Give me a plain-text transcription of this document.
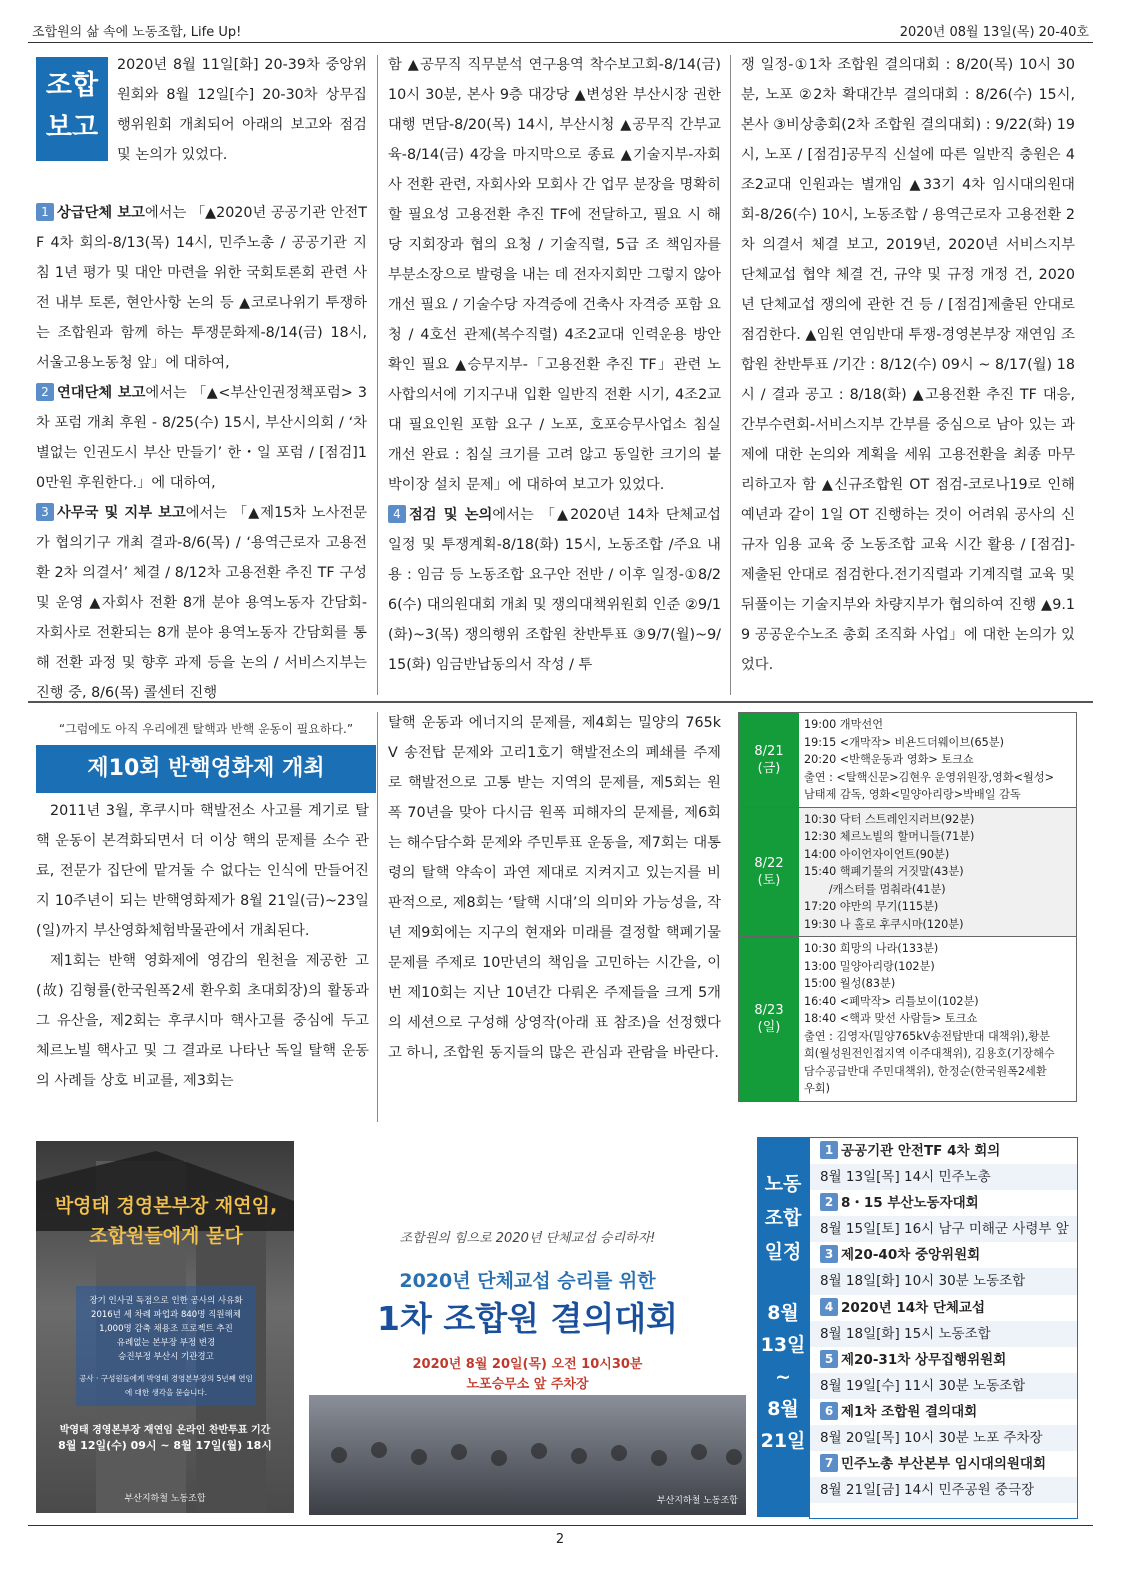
조합원의 삶 속에 노동조합, Life Up!	2020년 08월 13일(목) 20-40호
조합
보고

2020년 8월 11일[화] 20-39차 중앙위원회와 8월 12일[수] 20-30차 상무집행위원회 개최되어 아래의 보고와 점검 및 논의가 있었다.

1 상급단체 보고에서는 「▲2020년 공공기관 안전TF 4차 회의-8/13(목) 14시, 민주노총 / 공공기관 지침 1년 평가 및 대안 마련을 위한 국회토론회 관련 사전 내부 토론, 현안사항 논의 등 ▲코로나위기 투쟁하는 조합원과 함께 하는 투쟁문화제-8/14(금) 18시, 서울고용노동청 앞」에 대하여,

2 연대단체 보고에서는 「▲<부산인권정책포럼> 3차 포럼 개최 후원 - 8/25(수) 15시, 부산시의회 / ‘차별없는 인권도시 부산 만들기’ 한・일 포럼 / [점검]10만원 후원한다.」에 대하여,

3 사무국 및 지부 보고에서는 「▲제15차 노사전문가 협의기구 개최 결과-8/6(목) / ‘용역근로자 고용전환 2차 의결서’ 체결 / 8/12차 고용전환 추진 TF 구성 및 운영 ▲자회사 전환 8개 분야 용역노동자 간담회-자회사로 전환되는 8개 분야 용역노동자 간담회를 통해 전환 과정 및 향후 과제 등을 논의 / 서비스지부는 진행 중, 8/6(목) 콜센터 진행

함 ▲공무직 직무분석 연구용역 착수보고회-8/14(금) 10시 30분, 본사 9층 대강당 ▲변성완 부산시장 권한대행 면담-8/20(목) 14시, 부산시청 ▲공무직 간부교육-8/14(금) 4강을 마지막으로 종료 ▲기술지부-자회사 전환 관련, 자회사와 모회사 간 업무 분장을 명확히 할 필요성 고용전환 추진 TF에 전달하고, 필요 시 해당 지회장과 협의 요청 / 기술직렬, 5급 조 책임자를 부분소장으로 발령을 내는 데 전자지회만 그렇지 않아 개선 필요 / 기술수당 자격증에 건축사 자격증 포함 요청 / 4호선 관제(복수직렬) 4조2교대 인력운용 방안 확인 필요 ▲승무지부-「고용전환 추진 TF」관련 노사합의서에 기지구내 입환 일반직 전환 시기, 4조2교대 필요인원 포함 요구 / 노포, 호포승무사업소 침실 개선 완료 : 침실 크기를 고려 않고 동일한 크기의 붙박이장 설치 문제」에 대하여 보고가 있었다.

4 점검 및 논의에서는 「▲2020년 14차 단체교섭 일정 및 투쟁계획-8/18(화) 15시, 노동조합 /주요 내용 : 임금 등 노동조합 요구안 전반 / 이후 일정-①8/26(수) 대의원대회 개최 및 쟁의대책위원회 인준 ②9/1(화)~3(목) 쟁의행위 조합원 찬반투표 ③9/7(월)~9/15(화) 임금반납동의서 작성 / 투

쟁 일정-①1차 조합원 결의대회 : 8/20(목) 10시 30분, 노포 ②2차 확대간부 결의대회 : 8/26(수) 15시, 본사 ③비상총회(2차 조합원 결의대회) : 9/22(화) 19시, 노포 / [점검]공무직 신설에 따른 일반직 충원은 4조2교대 인원과는 별개임 ▲33기 4차 임시대의원대회-8/26(수) 10시, 노동조합 / 용역근로자 고용전환 2차 의결서 체결 보고, 2019년, 2020년 서비스지부 단체교섭 협약 체결 건, 규약 및 규정 개정 건, 2020년 단체교섭 쟁의에 관한 건 등 / [점검]제출된 안대로 점검한다. ▲임원 연임반대 투쟁-경영본부장 재연임 조합원 찬반투표 /기간 : 8/12(수) 09시 ~ 8/17(월) 18시 / 결과 공고 : 8/18(화) ▲고용전환 추진 TF 대응, 간부수련회-서비스지부 간부를 중심으로 남아 있는 과제에 대한 논의와 계획을 세워 고용전환을 최종 마무리하고자 함 ▲신규조합원 OT 점검-코로나19로 인해 예년과 같이 1일 OT 진행하는 것이 어려워 공사의 신규자 임용 교육 중 노동조합 교육 시간 활용 / [점검]-제출된 안대로 점검한다.전기직렬과 기계직렬 교육 및 뒤풀이는 기술지부와 차량지부가 협의하여 진행 ▲9.19 공공운수노조 총회 조직화 사업」에 대한 논의가 있었다.

“그럼에도 아직 우리에겐 탈핵과 반핵 운동이 필요하다.”
제10회 반핵영화제 개최

2011년 3월, 후쿠시마 핵발전소 사고를 계기로 탈핵 운동이 본격화되면서 더 이상 핵의 문제를 소수 관료, 전문가 집단에 맡겨둘 수 없다는 인식에 만들어진지 10주년이 되는 반핵영화제가 8월 21일(금)~23일(일)까지 부산영화체험박물관에서 개최된다.

제1회는 반핵 영화제에 영감의 원천을 제공한 고(故) 김형률(한국원폭2세 환우회 초대회장)의 활동과 그 유산을, 제2회는 후쿠시마 핵사고를 중심에 두고 체르노빌 핵사고 및 그 결과로 나타난 독일 탈핵 운동의 사례들 상호 비교를, 제3회는

탈핵 운동과 에너지의 문제를, 제4회는 밀양의 765kV 송전탑 문제와 고리1호기 핵발전소의 폐쇄를 주제로 핵발전으로 고통 받는 지역의 문제를, 제5회는 원폭 70년을 맞아 다시금 원폭 피해자의 문제를, 제6회는 해수담수화 문제와 주민투표 운동을, 제7회는 대통령의 탈핵 약속이 과연 제대로 지켜지고 있는지를 비판적으로, 제8회는 ‘탈핵 시대’의 의미와 가능성을, 작년 제9회에는 지구의 현재와 미래를 결정할 핵폐기물 문제를 주제로 10만년의 책임을 고민하는 시간을, 이번 제10회는 지난 10년간 다뤄온 주제들을 크게 5개의 세션으로 구성해 상영작(아래 표 참조)을 선정했다고 하니, 조합원 동지들의 많은 관심과 관람을 바란다.

8/21
(금)
19:00 개막선언
19:15 <개막작> 비욘드더웨이브(65분)
20:20 <반핵운동과 영화> 토크쇼
출연 : <탈핵신문>김현우 운영위원장,영화<월성>
남태제 감독, 영화<밀양아리랑>박배일 감독
8/22
(토)
10:30 닥터 스트레인지러브(92분)
12:30 체르노빌의 할머니들(71분)
14:00 아이언자이언트(90분)
15:40 핵폐기물의 거짓말(43분)
/캐스터를 멈춰라(41분)
17:20 야만의 무기(115분)
19:30 나 홀로 후쿠시마(120분)
8/23
(일)
10:30 희망의 나라(133분)
13:00 밀양아리랑(102분)
15:00 월성(83분)
16:40 <폐막작> 리틀보이(102분)
18:40 <핵과 맞선 사람들> 토크쇼
출연 : 김영자(밀양765kV송전탑반대 대책위),황분
희(월성원전인접지역 이주대책위), 김용호(기장해수
담수공급반대 주민대책위), 한정순(한국원폭2세환
우회)
박영태 경영본부장 재연임,
조합원들에게 묻다
장기 인사권 독점으로 인한 공사의 사유화
2016년 세 차례 파업과 840명 직원해체
1,000명 감축 채용조 프로젝트 추진
유례없는 본부장 부정 변경
승진부정 부산시 기관경고
공사 · 구성원들에게 박영태 경영본부장의 5년째 연임에 대한 생각을 묻습니다.
박영태 경영본부장 재연임 온라인 찬반투표 기간
8월 12일(수) 09시 ~ 8월 17일(월) 18시
부산지하철 노동조합
조합원의 힘으로 2020년 단체교섭 승리하자!
2020년 단체교섭 승리를 위한
1차 조합원 결의대회
2020년 8월 20일(목) 오전 10시30분
노포승무소 앞 주차장
부산지하철 노동조합
노동
조합
일정
8월
13일
~
8월
21일
1 공공기관 안전TF 4차 회의
8월 13일[목] 14시 민주노총
2 8・15 부산노동자대회
8월 15일[토] 16시 남구 미해군 사령부 앞
3 제20-40차 중앙위원회
8월 18일[화] 10시 30분 노동조합
4 2020년 14차 단체교섭
8월 18일[화] 15시 노동조합
5 제20-31차 상무집행위원회
8월 19일[수] 11시 30분 노동조합
6 제1차 조합원 결의대회
8월 20일[목] 10시 30분 노포 주차장
7 민주노총 부산본부 임시대의원대회
8월 21일[금] 14시 민주공원 중극장
2
